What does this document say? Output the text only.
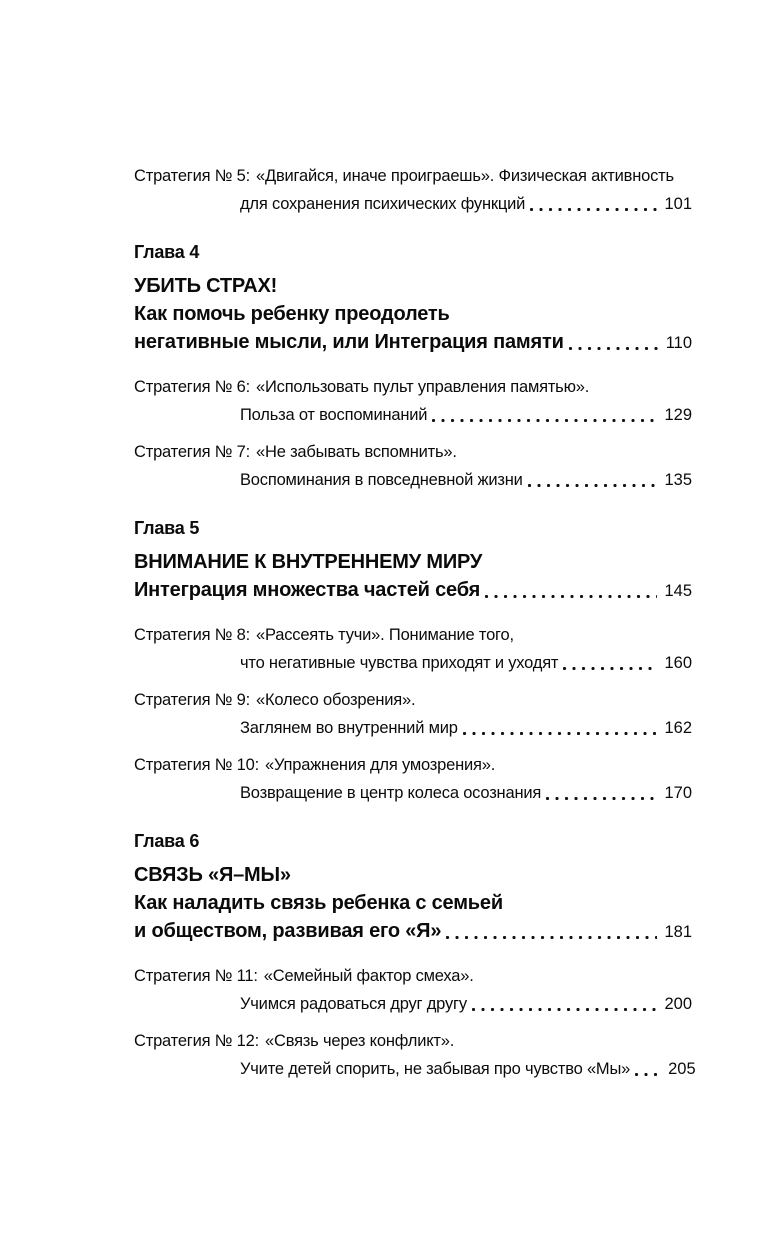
Стратегия № 5: «Двигайся, иначе проиграешь». Физическая активность
для сохранения психических функций	101
Глава 4
УБИТЬ СТРАХ!
Как помочь ребенку преодолеть
негативные мысли, или Интеграция памяти	110
Стратегия № 6: «Использовать пульт управления памятью».
Польза от воспоминаний	129
Стратегия № 7: «Не забывать вспомнить».
Воспоминания в повседневной жизни	135
Глава 5
ВНИМАНИЕ К ВНУТРЕННЕМУ МИРУ
Интеграция множества частей себя	145
Стратегия № 8: «Рассеять тучи». Понимание того,
что негативные чувства приходят и уходят	160
Стратегия № 9: «Колесо обозрения».
Заглянем во внутренний мир	162
Стратегия № 10: «Упражнения для умозрения».
Возвращение в центр колеса осознания	170
Глава 6
СВЯЗЬ «Я–МЫ»
Как наладить связь ребенка с семьей
и обществом, развивая его «Я»	181
Стратегия № 11: «Семейный фактор смеха».
Учимся радоваться друг другу	200
Стратегия № 12: «Связь через конфликт».
Учите детей спорить, не забывая про чувство «Мы» 205
